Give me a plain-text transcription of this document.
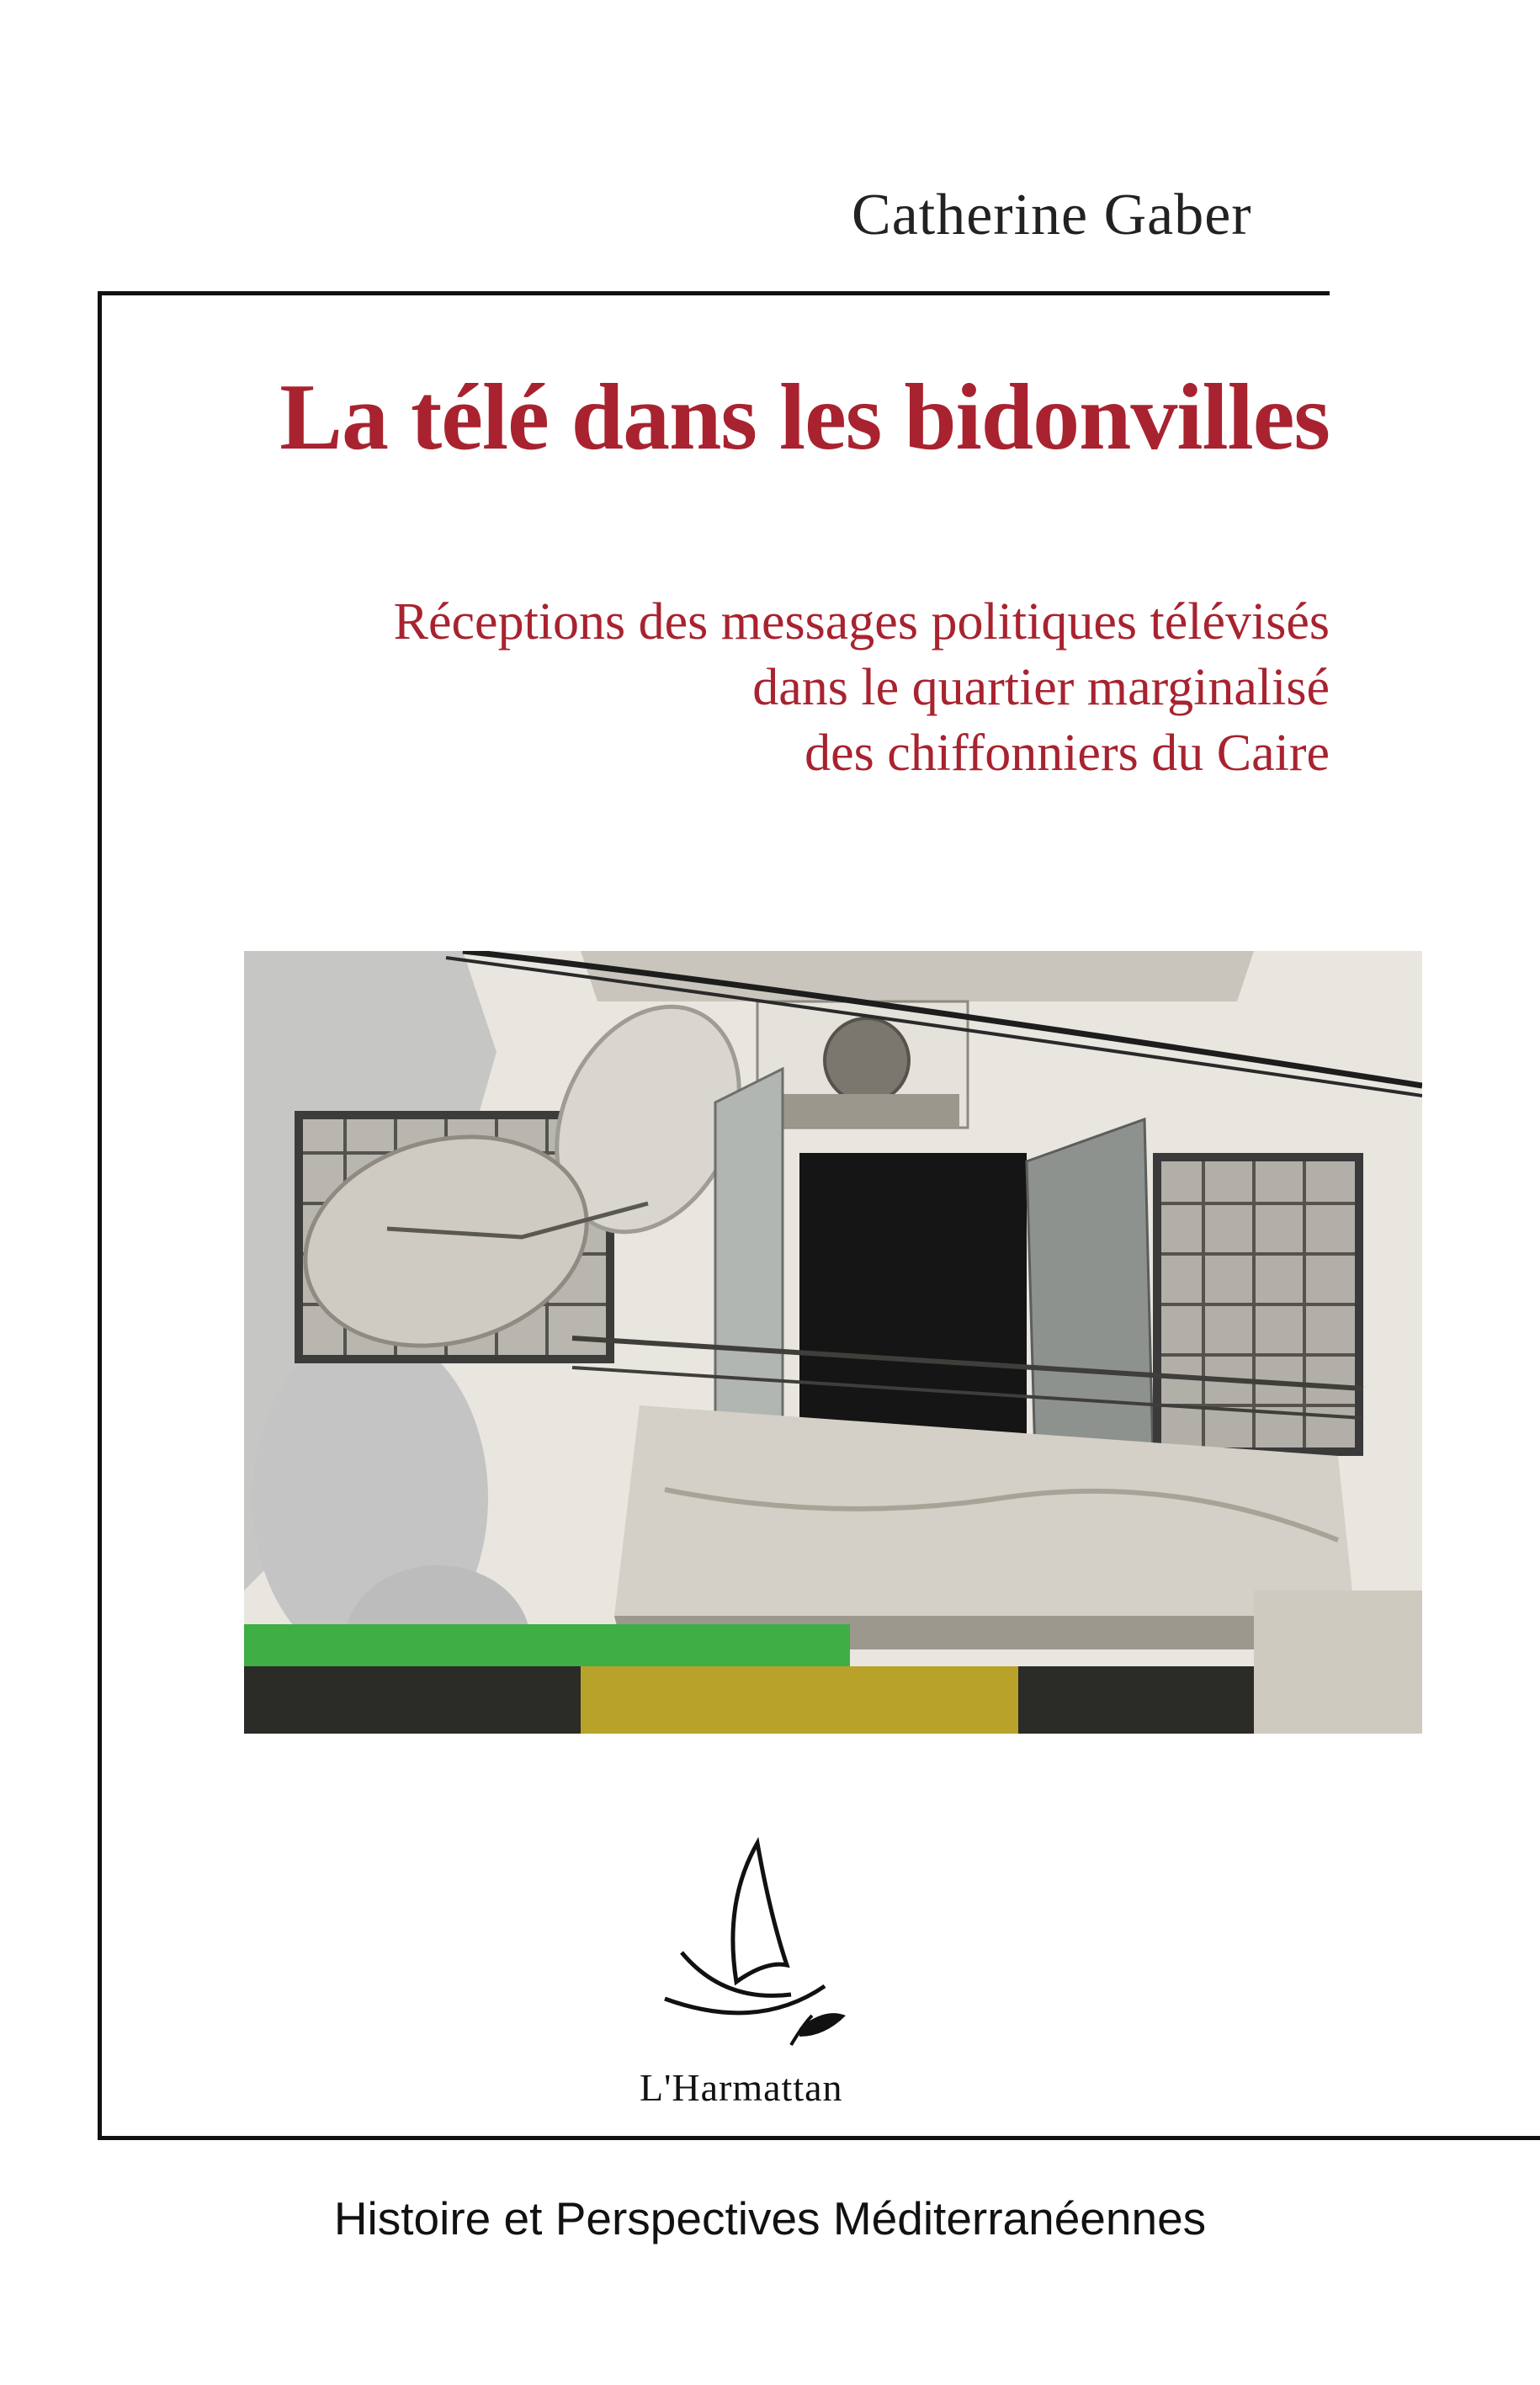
Catherine Gaber
La télé dans les bidonvilles
Réceptions des messages politiques télévisés
dans le quartier marginalisé
des chiffonniers du Caire
L'Harmattan
Histoire et Perspectives Méditerranéennes
